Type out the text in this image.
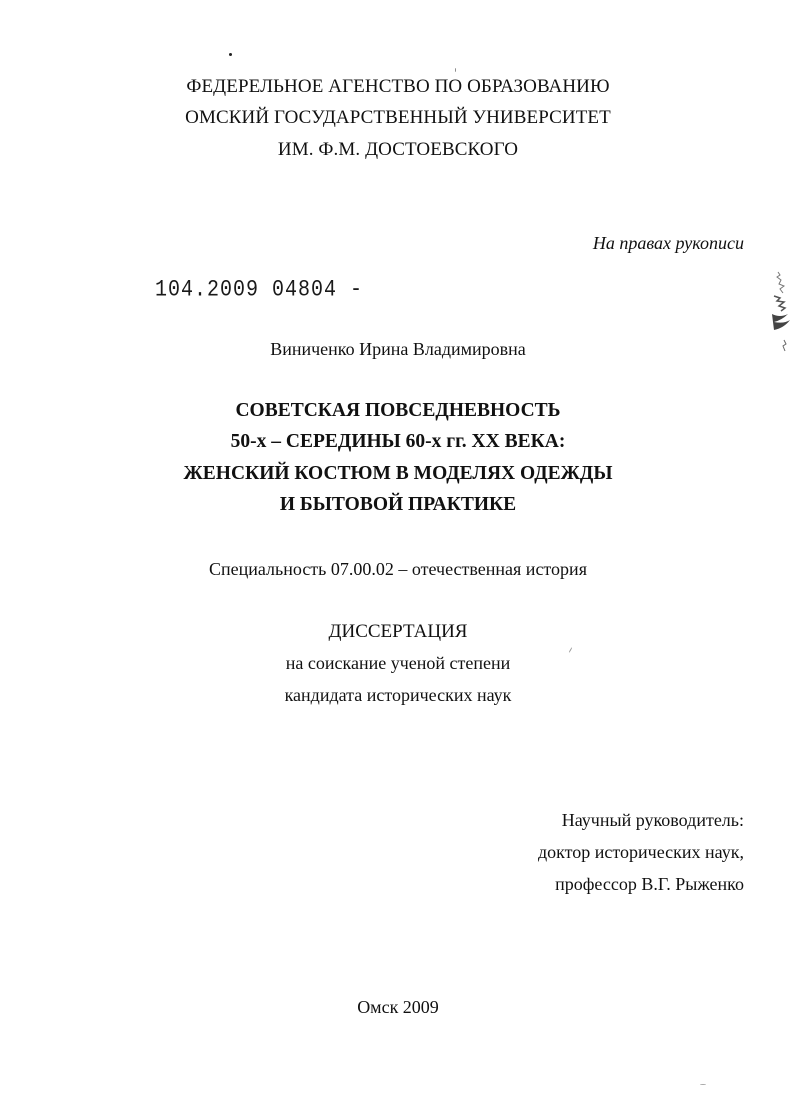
ФЕДЕРЕЛЬНОЕ АГЕНСТВО ПО ОБРАЗОВАНИЮ
ОМСКИЙ ГОСУДАРСТВЕННЫЙ УНИВЕРСИТЕТ
ИМ. Ф.М. ДОСТОЕВСКОГО
На правах рукописи
104.2009 04804 -
Виниченко Ирина Владимировна
СОВЕТСКАЯ ПОВСЕДНЕВНОСТЬ
50-х – СЕРЕДИНЫ 60-х гг. ХХ ВЕКА:
ЖЕНСКИЙ КОСТЮМ В МОДЕЛЯХ ОДЕЖДЫ
И БЫТОВОЙ ПРАКТИКЕ
Специальность 07.00.02 – отечественная история
ДИССЕРТАЦИЯ
на соискание ученой степени
кандидата исторических наук
Научный руководитель:
доктор исторических наук,
профессор В.Г. Рыженко
Омск 2009
